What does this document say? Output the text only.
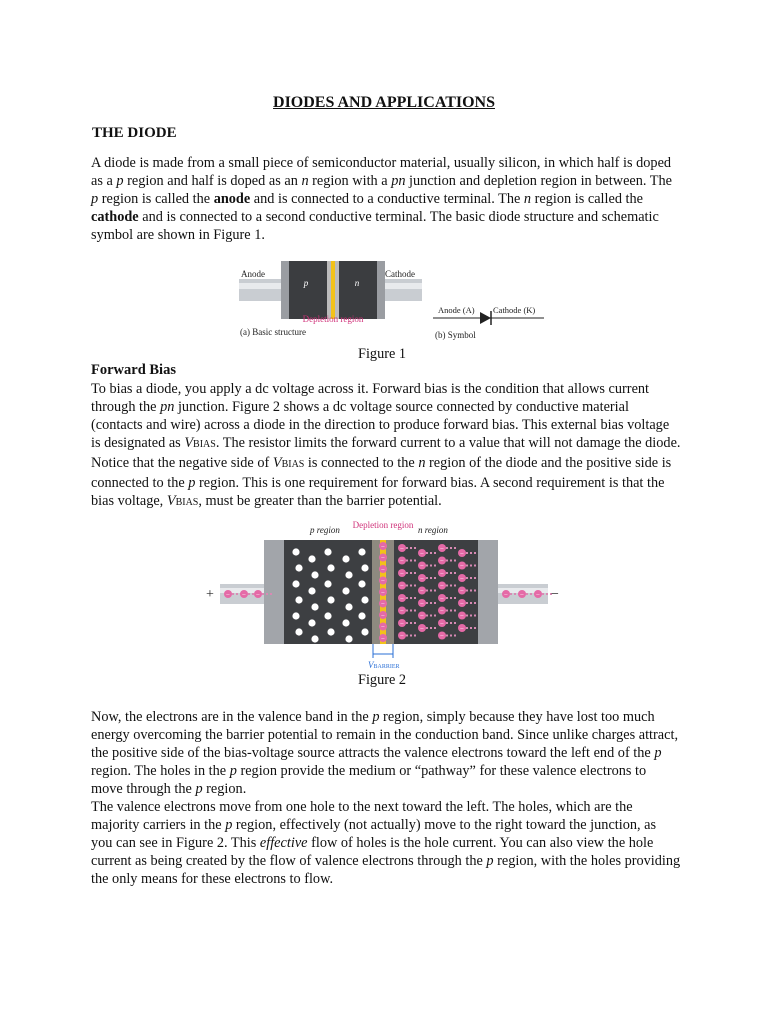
DIODES AND APPLICATIONS
THE DIODE
A diode is made from a small piece of semiconductor material, usually silicon, in which half is doped as a p region and half is doped as an n region with a pn junction and depletion region in between. The p region is called the anode and is connected to a conductive terminal. The n region is called the cathode and is connected to a second conductive terminal. The basic diode structure and schematic symbol are shown in Figure 1.
p	n
Anode	Cathode
Depletion region
(a) Basic structure
Anode (A) Cathode (K)
(b) Symbol
Figure 1
Forward Bias
To bias a diode, you apply a dc voltage across it. Forward bias is the condition that allows current through the pn junction. Figure 2 shows a dc voltage source connected by conductive material (contacts and wire) across a diode in the direction to produce forward bias. This external bias voltage is designated as VBIAS. The resistor limits the forward current to a value that will not damage the diode. Notice that the negative side of VBIAS is connected to the n region of the diode and the positive side is connected to the p region. This is one requirement for forward bias. A second requirement is that the bias voltage, VBIAS, must be greater than the barrier potential.
−
−
−
−
−
−
−
−
−
−
−
−
−
−
−
−
−
−
−
−
−
−
−
−
−
−
−
−
−
−
−
−
−
−
−
−
−
−
−
− − −	− − −
p region Depletion region n region
+	−
VBARRIER
Figure 2
Now, the electrons are in the valence band in the p region, simply because they have lost too much energy overcoming the barrier potential to remain in the conduction band. Since unlike charges attract, the positive side of the bias-voltage source attracts the valence electrons toward the left end of the p region. The holes in the p region provide the medium or “pathway” for these valence electrons to move through the p region.
The valence electrons move from one hole to the next toward the left. The holes, which are the majority carriers in the p region, effectively (not actually) move to the right toward the junction, as you can see in Figure 2. This effective flow of holes is the hole current. You can also view the hole current as being created by the flow of valence electrons through the p region, with the holes providing the only means for these electrons to flow.
